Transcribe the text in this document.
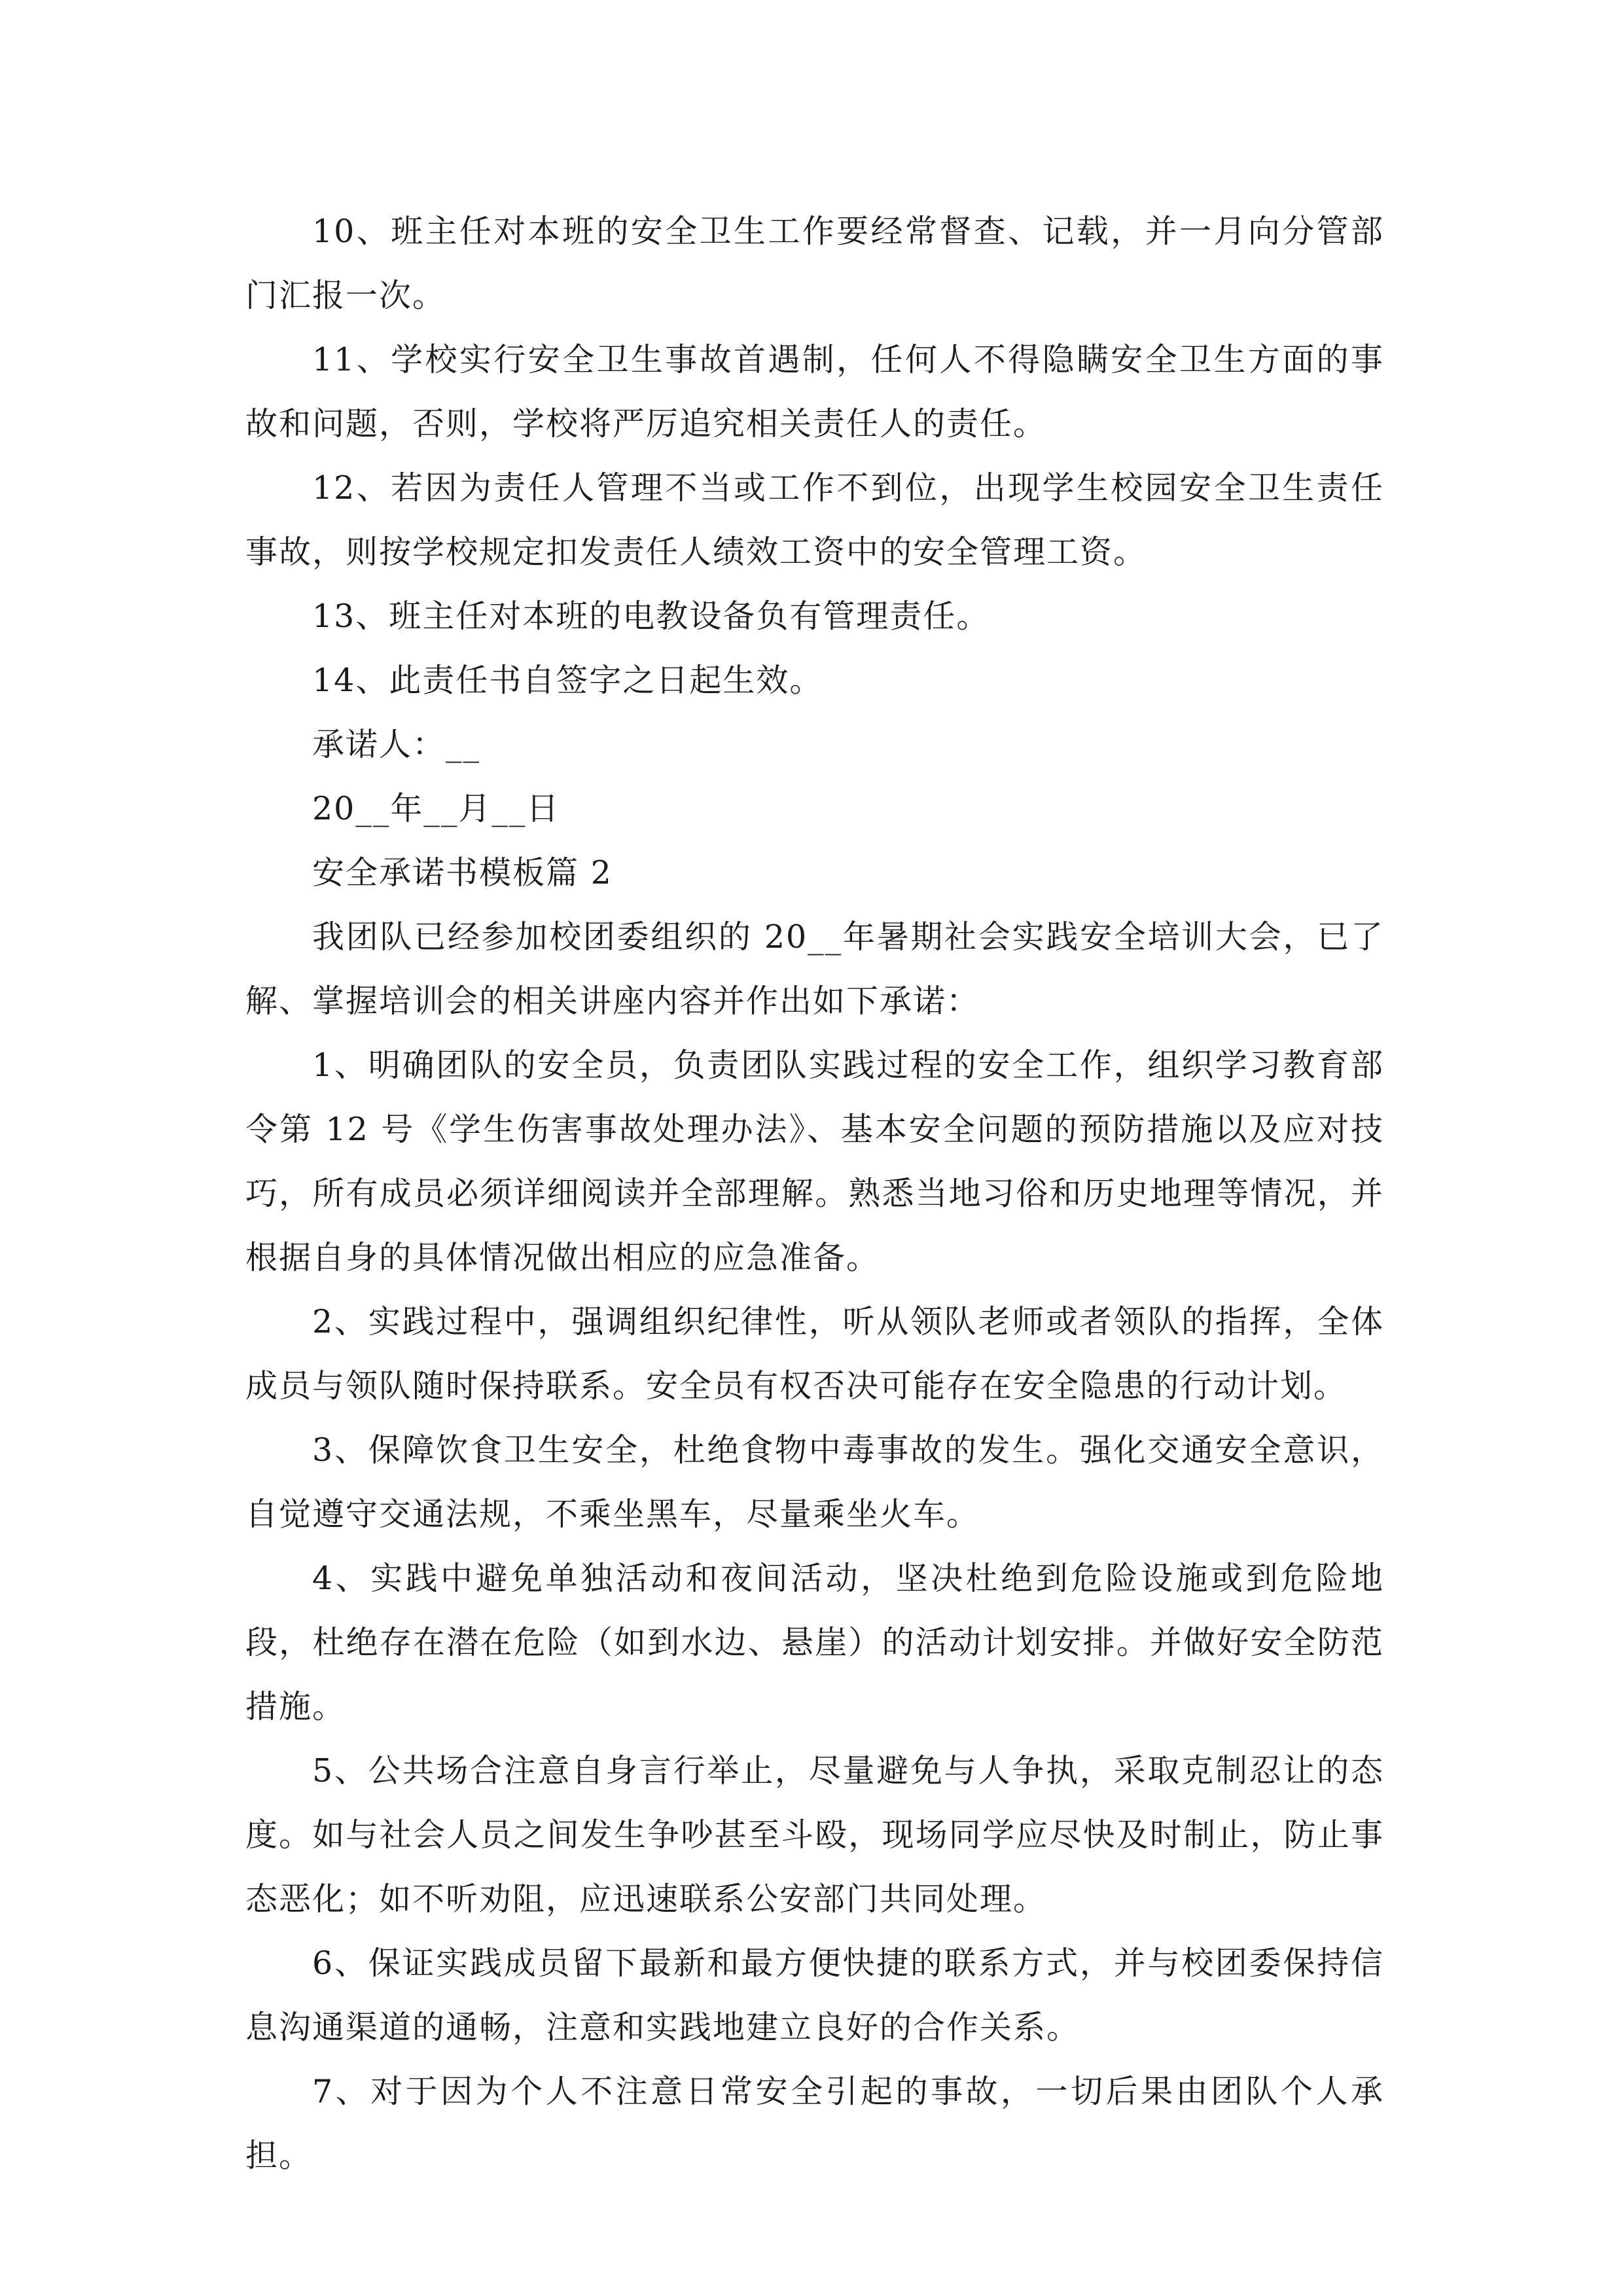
10、班主任对本班的安全卫生工作要经常督查、记载，并一月向分管部门汇报一次。

11、学校实行安全卫生事故首遇制，任何人不得隐瞒安全卫生方面的事故和问题，否则，学校将严厉追究相关责任人的责任。

12、若因为责任人管理不当或工作不到位，出现学生校园安全卫生责任事故，则按学校规定扣发责任人绩效工资中的安全管理工资。

13、班主任对本班的电教设备负有管理责任。

14、此责任书自签字之日起生效。

承诺人：__

20__年__月__日

安全承诺书模板篇 2

我团队已经参加校团委组织的 20__年暑期社会实践安全培训大会，已了解、掌握培训会的相关讲座内容并作出如下承诺：

1、明确团队的安全员，负责团队实践过程的安全工作，组织学习教育部令第 12 号《学生伤害事故处理办法》、基本安全问题的预防措施以及应对技巧，所有成员必须详细阅读并全部理解。熟悉当地习俗和历史地理等情况，并根据自身的具体情况做出相应的应急准备。

2、实践过程中，强调组织纪律性，听从领队老师或者领队的指挥，全体成员与领队随时保持联系。安全员有权否决可能存在安全隐患的行动计划。

3、保障饮食卫生安全，杜绝食物中毒事故的发生。强化交通安全意识，自觉遵守交通法规，不乘坐黑车，尽量乘坐火车。

4、实践中避免单独活动和夜间活动，坚决杜绝到危险设施或到危险地段，杜绝存在潜在危险（如到水边、悬崖）的活动计划安排。并做好安全防范措施。

5、公共场合注意自身言行举止，尽量避免与人争执，采取克制忍让的态度。如与社会人员之间发生争吵甚至斗殴，现场同学应尽快及时制止，防止事态恶化；如不听劝阻，应迅速联系公安部门共同处理。

6、保证实践成员留下最新和最方便快捷的联系方式，并与校团委保持信息沟通渠道的通畅，注意和实践地建立良好的合作关系。

7、对于因为个人不注意日常安全引起的事故，一切后果由团队个人承担。
